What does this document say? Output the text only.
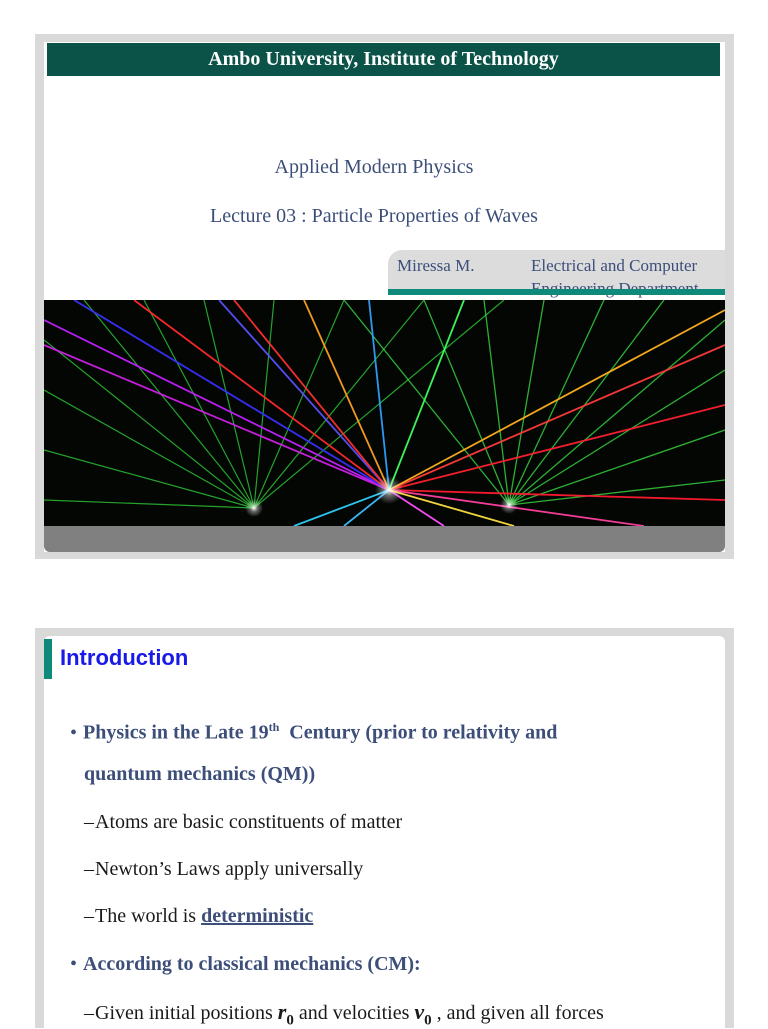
Ambo University, Institute of Technology
Applied Modern Physics
Lecture 03 : Particle Properties of Waves
Miressa M.	Electrical and Computer
Introduction
• Physics in the Late 19th Century (prior to relativity and
quantum mechanics (QM))
–Atoms are basic constituents of matter
–Newton’s Laws apply universally
–The world is deterministic
• According to classical mechanics (CM):
–Given initial positions $r_0$ and velocities $v_0$ , and given all forces
